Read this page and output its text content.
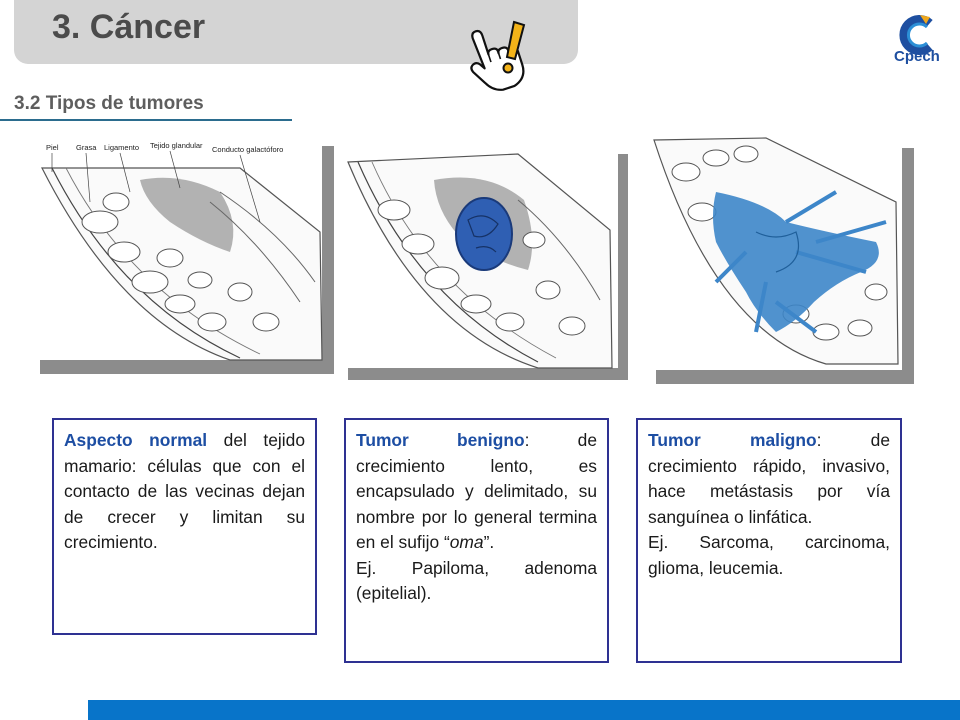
3. Cáncer
Cpech
3.2 Tipos de tumores
Piel Grasa Ligamento Tejido glandular Conducto galactóforo

Aspecto normal del tejido mamario: células que con el contacto de las vecinas dejan de crecer y limitan su crecimiento.

Tumor benigno: de crecimiento lento, es encapsulado y delimitado, su nombre por lo general termina en el sufijo “oma”.

Ej. Papiloma, adenoma (epitelial).

Tumor maligno: de crecimiento rápido, invasivo, hace metástasis por vía sanguínea o linfática.

Ej. Sarcoma, carcinoma, glioma, leucemia.
